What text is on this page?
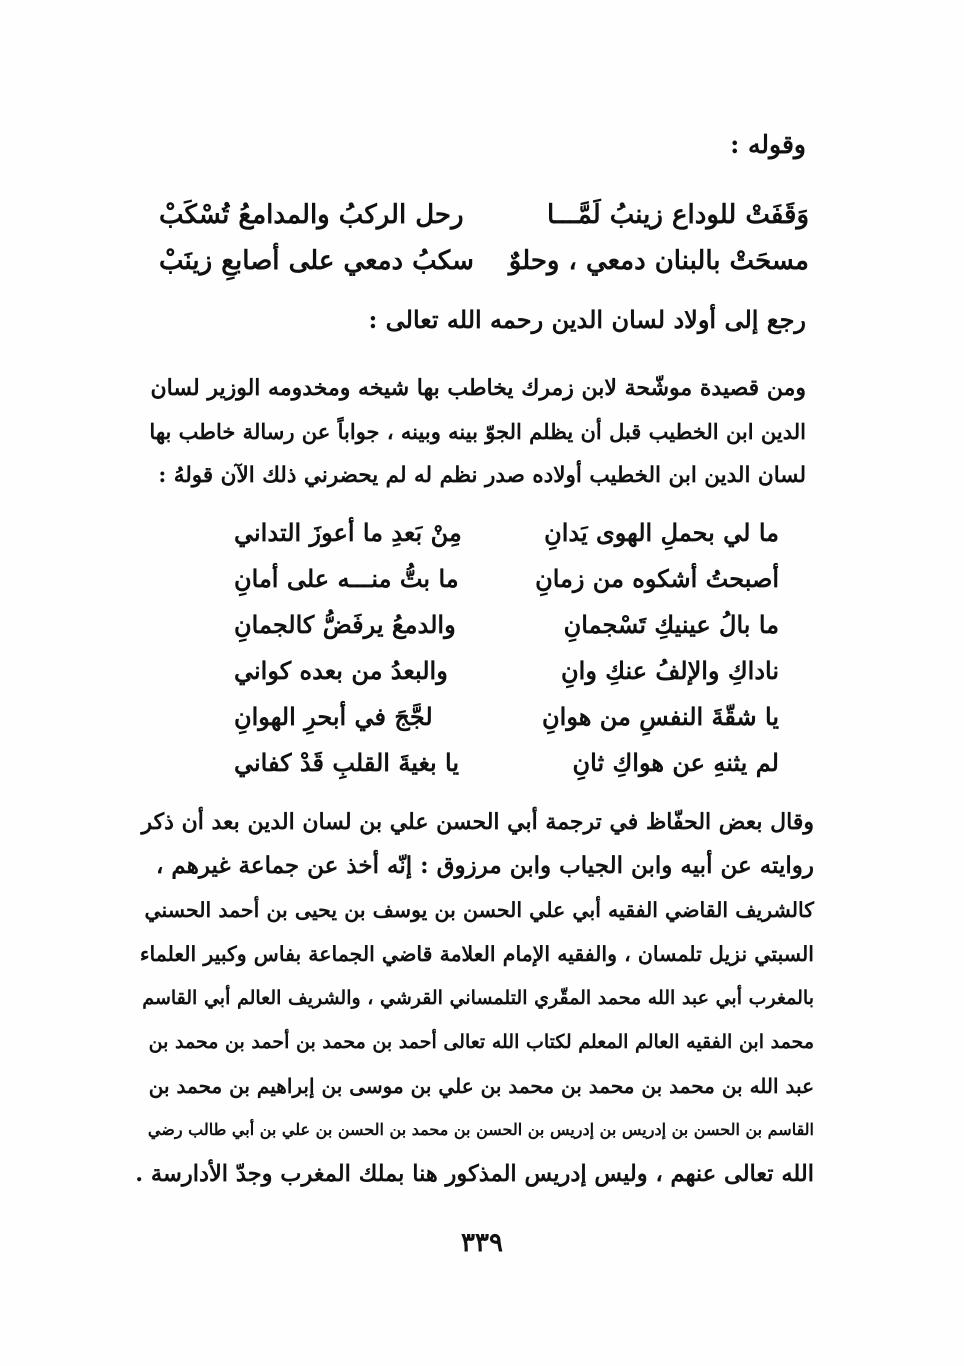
وقوله :
وَقَفَتْ للوداع زينبُ لَمَّـــا
رحل الركبُ والمدامعُ تُسْكَبْ
مسحَتْ بالبنان دمعي ، وحلوٌ
سكبُ دمعي على أصابعِ زينَبْ
رجع إلى أولاد لسان الدين رحمه الله تعالى :
ومن قصيدة موشّحة لابن زمرك يخاطب بها شيخه ومخدومه الوزير لسان
الدين ابن الخطيب قبل أن يظلم الجوّ بينه وبينه ، جواباً عن رسالة خاطب بها
لسان الدين ابن الخطيب أولاده صدر نظم له لم يحضرني ذلك الآن قولهُ :
ما لي بحملِ الهوى يَدانِ
مِنْ بَعدِ ما أعوزَ التداني
أصبحتُ أشكوه من زمانِ
ما بتُّ منـــه على أمانِ
ما بالُ عينيكِ تَسْجمانِ
والدمعُ يرفَضُّ كالجمانِ
ناداكِ والإلفُ عنكِ وانِ
والبعدُ من بعده كواني
يا شقّةَ النفسِ من هوانِ
لجَّجَ في أبحرِ الهوانِ
لم يثنهِ عن هواكِ ثانِ
يا بغيةَ القلبِ قَدْ كفاني
وقال بعض الحفّاظ في ترجمة أبي الحسن علي بن لسان الدين بعد أن ذكر
روايته عن أبيه وابن الجياب وابن مرزوق : إنّه أخذ عن جماعة غيرهم ،
كالشريف القاضي الفقيه أبي علي الحسن بن يوسف بن يحيى بن أحمد الحسني
السبتي نزيل تلمسان ، والفقيه الإمام العلامة قاضي الجماعة بفاس وكبير العلماء
بالمغرب أبي عبد الله محمد المقّري التلمساني القرشي ، والشريف العالم أبي القاسم
محمد ابن الفقيه العالم المعلم لكتاب الله تعالى أحمد بن محمد بن أحمد بن محمد بن
عبد الله بن محمد بن محمد بن محمد بن علي بن موسى بن إبراهيم بن محمد بن
القاسم بن الحسن بن إدريس بن إدريس بن الحسن بن محمد بن الحسن بن علي بن أبي طالب رضي
الله تعالى عنهم ، وليس إدريس المذكور هنا بملك المغرب وجدّ الأدارسة .
٣٣٩
